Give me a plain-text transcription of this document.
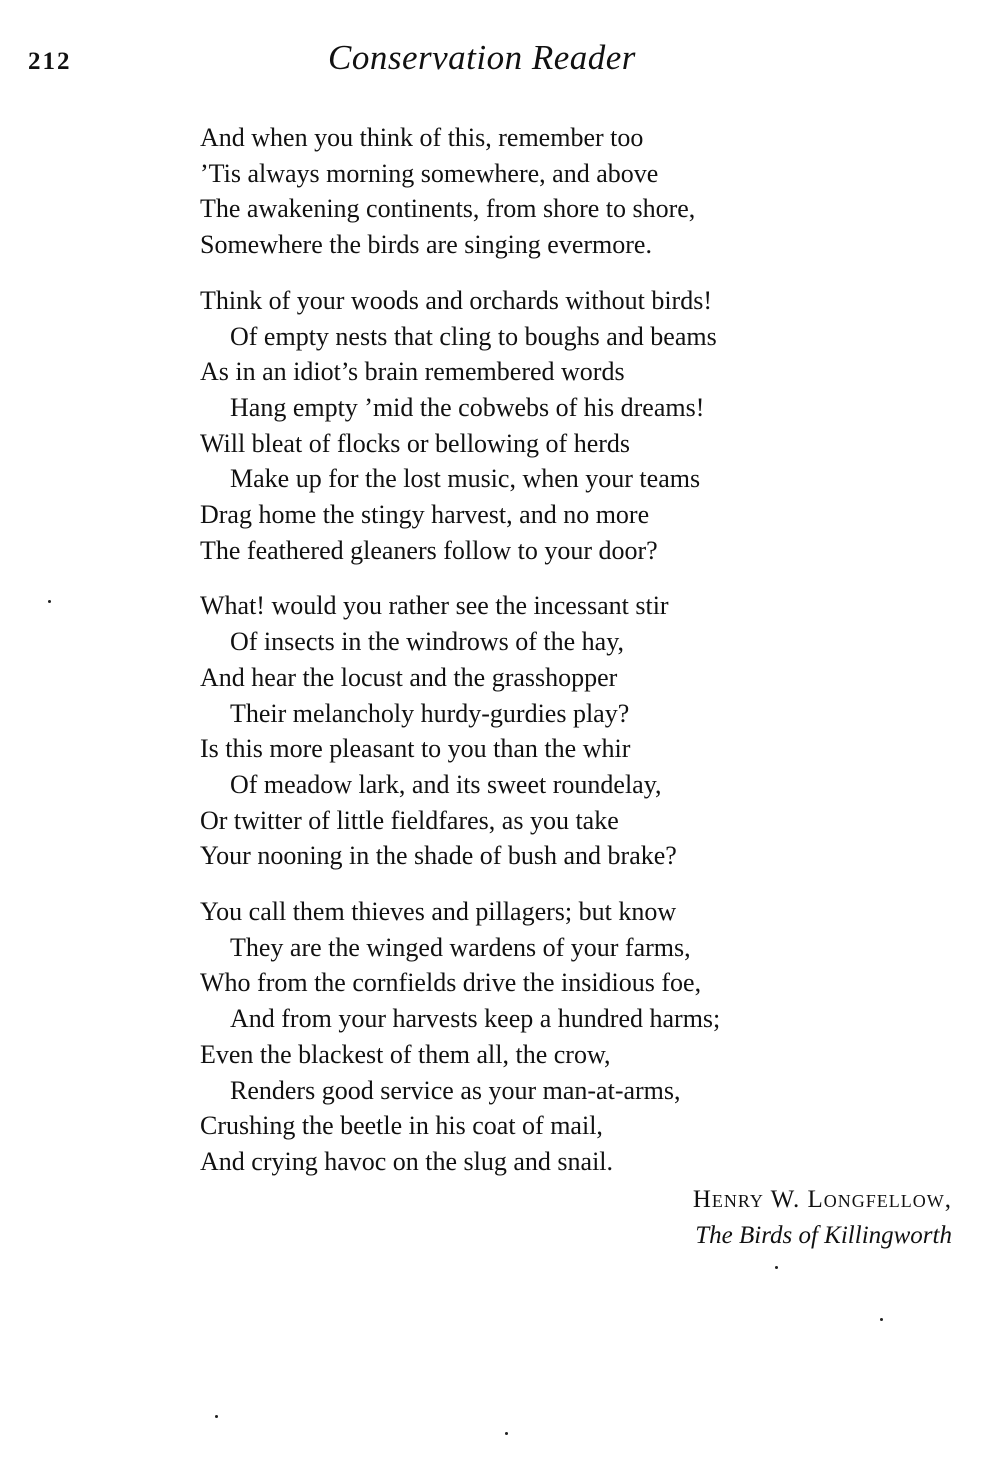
212	Conservation Reader
And when you think of this, remember too
’Tis always morning somewhere, and above
The awakening continents, from shore to shore,
Somewhere the birds are singing evermore.
Think of your woods and orchards without birds!
Of empty nests that cling to boughs and beams
As in an idiot’s brain remembered words
Hang empty ’mid the cobwebs of his dreams!
Will bleat of flocks or bellowing of herds
Make up for the lost music, when your teams
Drag home the stingy harvest, and no more
The feathered gleaners follow to your door?
What! would you rather see the incessant stir
Of insects in the windrows of the hay,
And hear the locust and the grasshopper
Their melancholy hurdy-gurdies play?
Is this more pleasant to you than the whir
Of meadow lark, and its sweet roundelay,
Or twitter of little fieldfares, as you take
Your nooning in the shade of bush and brake?
You call them thieves and pillagers; but know
They are the winged wardens of your farms,
Who from the cornfields drive the insidious foe,
And from your harvests keep a hundred harms;
Even the blackest of them all, the crow,
Renders good service as your man-at-arms,
Crushing the beetle in his coat of mail,
And crying havoc on the slug and snail.
Henry W. Longfellow,
The Birds of Killingworth
